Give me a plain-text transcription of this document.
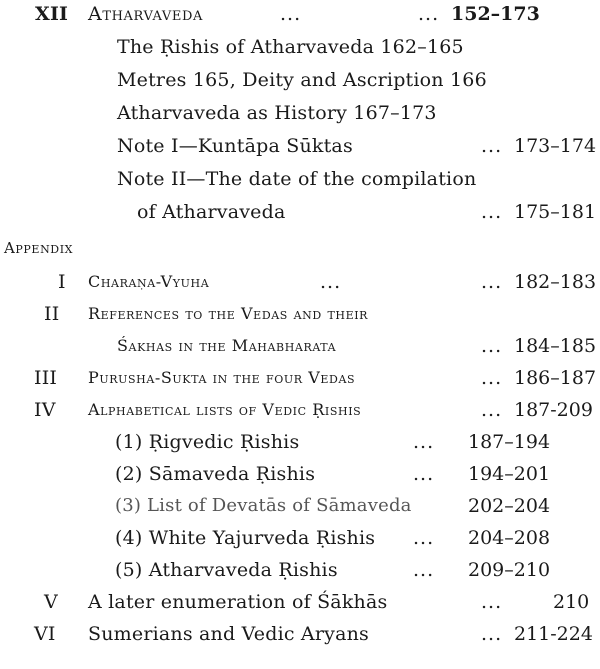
XII Atharvaveda	...	... 152–173
The Ṛishis of Atharvaveda 162–165
Metres 165, Deity and Ascription 166
Atharvaveda as History 167–173
Note I—Kuntāpa Sūktas	... 173–174
Note II—The date of the compilation
of Atharvaveda	... 175–181
Appendix
I Charaṇa-Vyuha	...	... 182–183
II References to the Vedas and their
Śakhas in the Mahabharata	... 184–185
III Purusha-Sukta in the four Vedas	... 186–187
IV Alphabetical lists of Vedic Ṛishis	... 187-209
(1) Ṛigvedic Ṛishis	... 187–194
(2) Sāmaveda Ṛishis	... 194–201
(3) List of Devatās of Sāmaveda	202–204
(4) White Yajurveda Ṛishis ... 204–208
(5) Atharvaveda Ṛishis	... 209–210
V A later enumeration of Śākhās	...	210
VI Sumerians and Vedic Aryans	... 211-224
